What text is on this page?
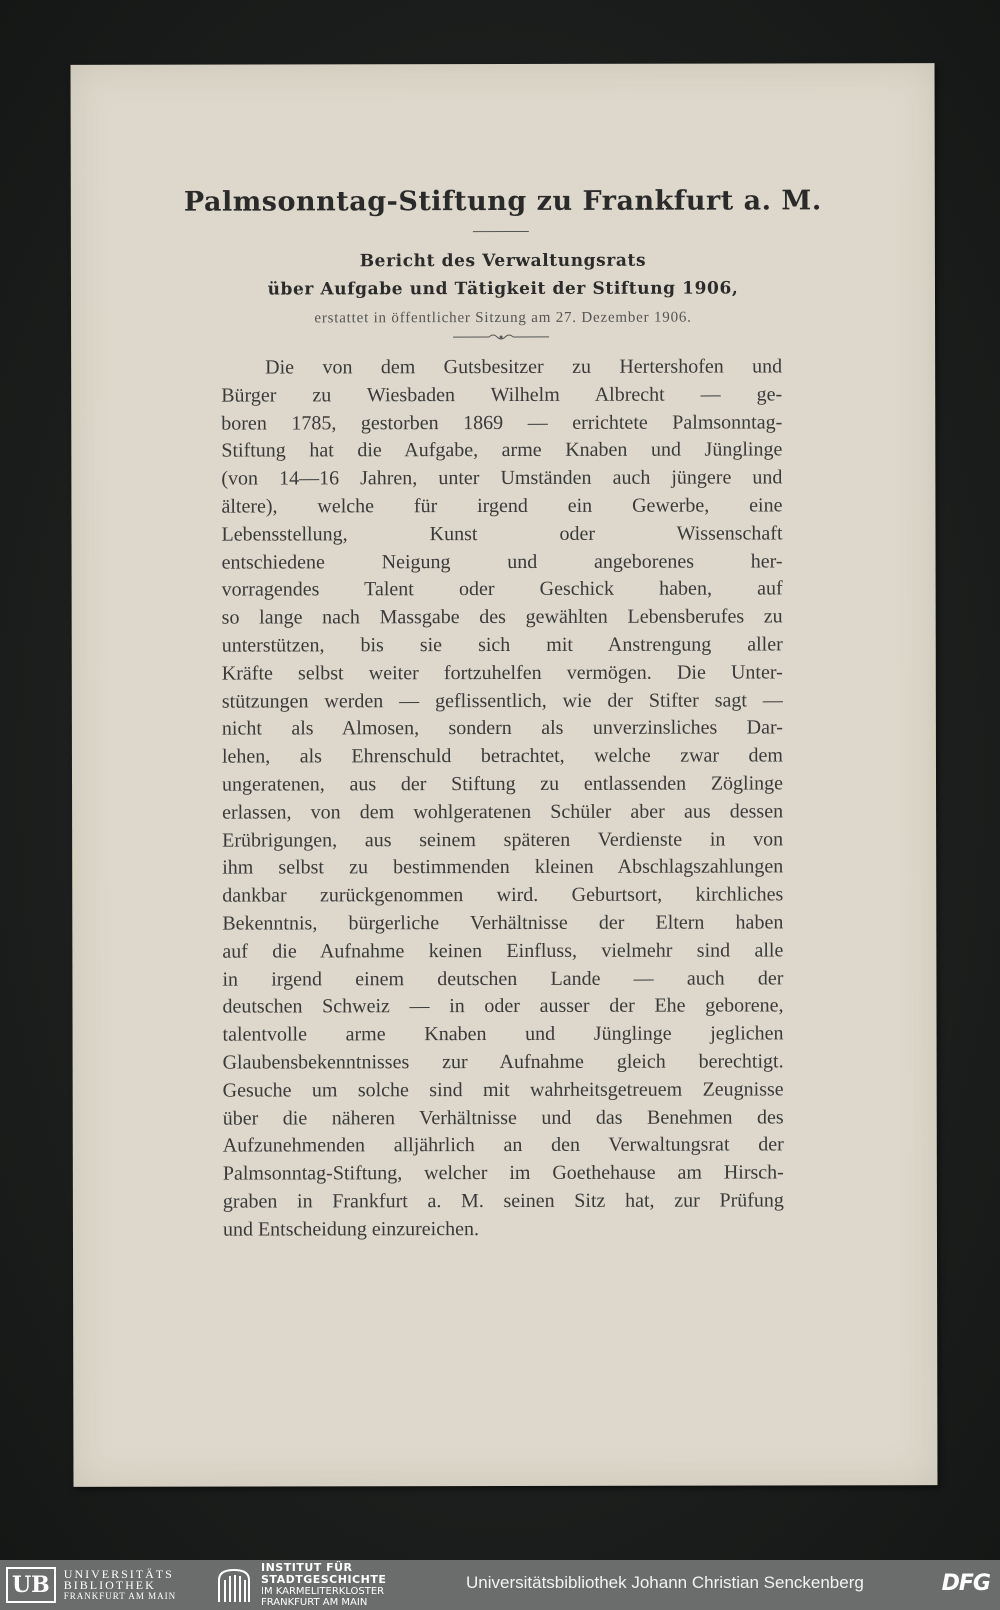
Palmsonntag-Stiftung zu Frankfurt a. M.
Bericht des Verwaltungsrats
über Aufgabe und Tätigkeit der Stiftung 1906,
erstattet in öffentlicher Sitzung am 27. Dezember 1906.
Die von dem Gutsbesitzer zu Hertershofen und
Bürger zu Wiesbaden Wilhelm Albrecht — ge-
boren 1785, gestorben 1869 — errichtete Palmsonntag-
Stiftung hat die Aufgabe, arme Knaben und Jünglinge
(von 14—16 Jahren, unter Umständen auch jüngere und
ältere), welche für irgend ein Gewerbe, eine
Lebensstellung, Kunst oder Wissenschaft
entschiedene Neigung und angeborenes her-
vorragendes Talent oder Geschick haben, auf
so lange nach Massgabe des gewählten Lebensberufes zu
unterstützen, bis sie sich mit Anstrengung aller
Kräfte selbst weiter fortzuhelfen vermögen. Die Unter-
stützungen werden — geflissentlich, wie der Stifter sagt —
nicht als Almosen, sondern als unverzinsliches Dar-
lehen, als Ehrenschuld betrachtet, welche zwar dem
ungeratenen, aus der Stiftung zu entlassenden Zöglinge
erlassen, von dem wohlgeratenen Schüler aber aus dessen
Erübrigungen, aus seinem späteren Verdienste in von
ihm selbst zu bestimmenden kleinen Abschlagszahlungen
dankbar zurückgenommen wird. Geburtsort, kirchliches
Bekenntnis, bürgerliche Verhältnisse der Eltern haben
auf die Aufnahme keinen Einfluss, vielmehr sind alle
in irgend einem deutschen Lande — auch der
deutschen Schweiz — in oder ausser der Ehe geborene,
talentvolle arme Knaben und Jünglinge jeglichen
Glaubensbekenntnisses zur Aufnahme gleich berechtigt.
Gesuche um solche sind mit wahrheitsgetreuem Zeugnisse
über die näheren Verhältnisse und das Benehmen des
Aufzunehmenden alljährlich an den Verwaltungsrat der
Palmsonntag-Stiftung, welcher im Goethehause am Hirsch-
graben in Frankfurt a. M. seinen Sitz hat, zur Prüfung
und Entscheidung einzureichen.
UB	UNIVERSITÄTS
BIBLIOTHEK
FRANKFURT AM MAIN
INSTITUT FÜR
STADTGESCHICHTE
IM KARMELITERKLOSTER
FRANKFURT AM MAIN
Universitätsbibliothek Johann Christian Senckenberg	DFG
